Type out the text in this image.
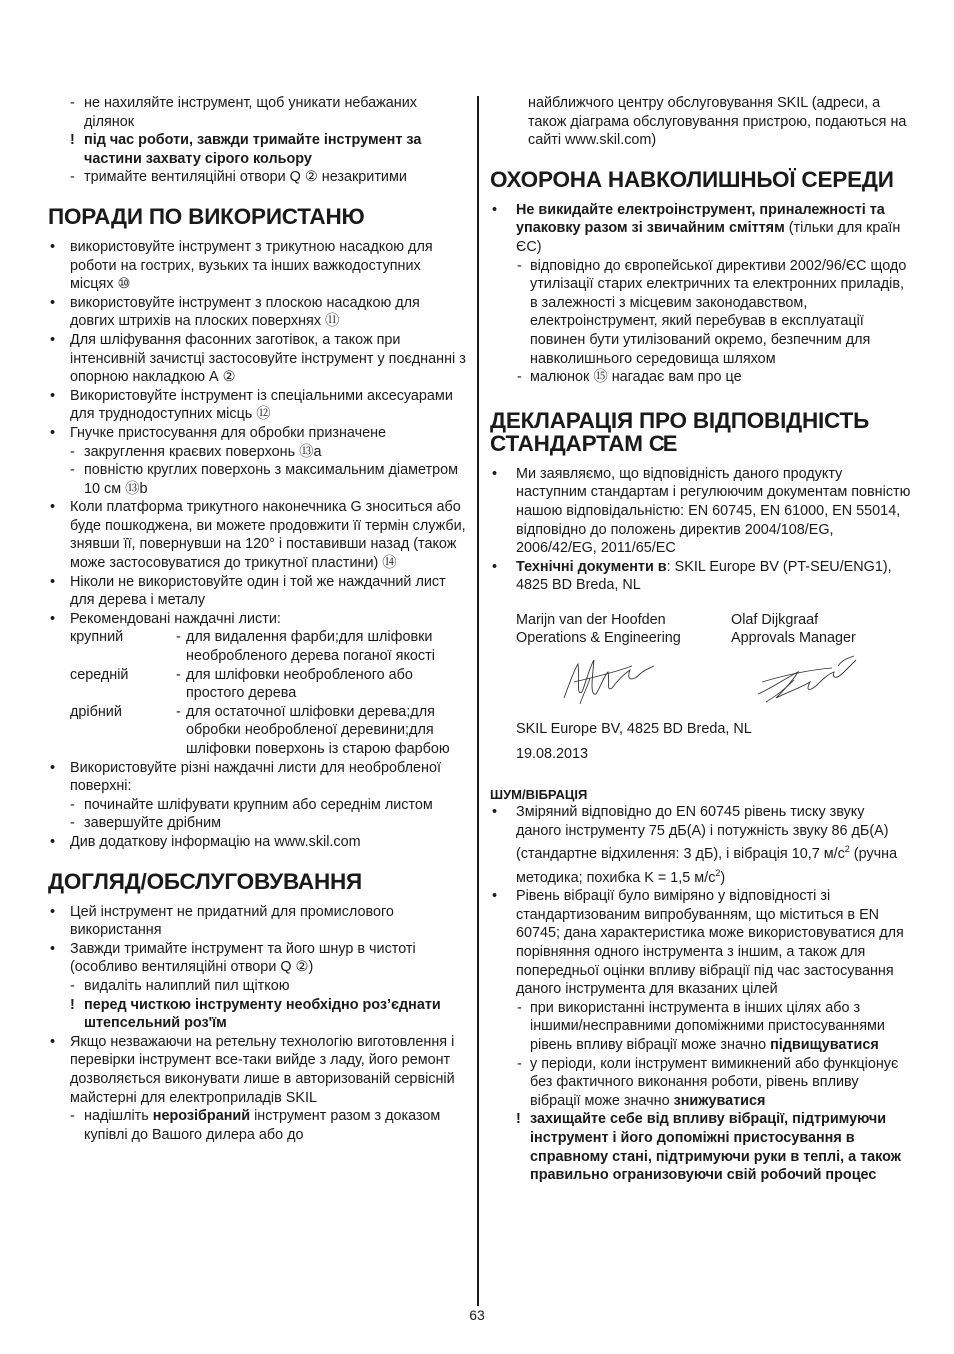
- не нахиляйте інструмент, щоб уникати небажаних ділянок
! під час роботи, завжди тримайте інструмент за частини захвату сірого кольору
- тримайте вентиляційні отвори Q ② незакритими
ПОРАДИ ПО ВИКОРИСТАНЮ
• використовуйте інструмент з трикутною насадкою для роботи на гострих, вузьких та інших важкодоступних місцях ⑩
• використовуйте інструмент з плоскою насадкою для довгих штрихів на плоских поверхнях ⑪
• Для шліфування фасонних заготівок, а також при інтенсивній зачистці застосовуйте інструмент у поєднанні з опорною накладкою А ②
• Використовуйте інструмент із спеціальними аксесуарами для труднодоступних місць ⑫
• Гнучке пристосування для обробки призначене
- закруглення краєвих поверхонь ⑬a
- повністю круглих поверхонь з максимальним діаметром 10 см ⑬b
• Коли платформа трикутного наконечника G зноситься або буде пошкоджена, ви можете продовжити її термін служби, знявши її, повернувши на 120° і поставивши назад (також може застосовуватися до трикутної пластини) ⑭
• Ніколи не використовуйте один і той же наждачний лист для дерева і металу
• Рекомендовані наждачні листи:
крупний	- для видалення фарби;для шліфовки необробленого дерева поганої якості
середній	- для шліфовки необробленого або простого дерева
дрібний	- для остаточної шліфовки дерева;для обробки необробленої деревини;для шліфовки поверхонь із старою фарбою
• Використовуйте різні наждачні листи для необробленої поверхні:
- починайте шліфувати крупним або середнім листом
- завершуйте дрібним
• Див додаткову інформацію на www.skil.com
ДОГЛЯД/ОБСЛУГОВУВАННЯ
• Цей інструмент не придатний для промислового використання
• Завжди тримайте інструмент та його шнур в чистоті (особливо вентиляційні отвори Q ②)
- видаліть налиплий пил щіткою
! перед чисткою інструменту необхідно роз’єднати штепсельний роз'їм
• Якщо незважаючи на ретельну технологію виготовлення і перевірки інструмент все-таки вийде з ладу, його ремонт дозволяється виконувати лише в авторизованій сервісній майстерні для електроприладів SKIL
- надішліть нерозібраний інструмент разом з доказом купівлі до Вашого дилера або до
найближчого центру обслуговування SKIL (адреси, а також діаграма обслуговування пристрою, подаються на сайті www.skil.com)
ОХОРОНА НАВКОЛИШНЬОЇ СЕРЕДИ
• Не викидайте електроінструмент, приналежності та упаковку разом зі звичайним сміттям (тільки для країн ЄС)
- відповідно до європейської директиви 2002/96/ЄС щодо утилізації старих електричних та електронних приладів, в залежності з місцевим законодавством, електроінструмент, який перебував в експлуатації повинен бути утилізований окремо, безпечним для навколишнього середовища шляхом
- малюнок ⑮ нагадає вам про це
ДЕКЛАРАЦІЯ ПРО ВІДПОВІДНІСТЬ
СТАНДАРТАМ CE
• Ми заявляємо, що відповідність даного продукту наступним стандартам і регулюючим документам повністю нашою відповідальністю: EN 60745, EN 61000, EN 55014, відповідно до положень директив 2004/108/EG, 2006/42/EG, 2011/65/EC
• Технічні документи в: SKIL Europe BV (PT-SEU/ENG1), 4825 BD Breda, NL
Marijn van der Hoofden
Operations & Engineering
Olaf Dijkgraaf
Approvals Manager
SKIL Europe BV, 4825 BD Breda, NL
19.08.2013
ШУМ/ВІБРАЦІЯ
• Зміряний відповідно до EN 60745 рівень тиску звуку даного інструменту 75 дБ(А) і потужність звуку 86 дБ(А) (стандартне відхилення: 3 дБ), і вібрація 10,7 $м/с^2$ (ручна методика; похибка K = 1,5 $м/с^2$)
• Рівень вібрації було виміряно у відповідності зі стандартизованим випробуванням, що міститься в EN 60745; дана характеристика може використовуватися для порівняння одного інструмента з іншим, а також для попередньої оцінки впливу вібрації під час застосування даного інструмента для вказаних цілей
- при використанні інструмента в інших цілях або з іншими/несправними допоміжними пристосуваннями рівень впливу вібрації може значно підвищуватися
- у періоди, коли інструмент вимикнений або функціонує без фактичного виконання роботи, рівень впливу вібрації може значно знижуватися
! захищайте себе від впливу вібрації, підтримуючи інструмент і його допоміжні пристосування в справному стані, підтримуючи руки в теплі, а також правильно огранизовуючи свій робочий процес
63
